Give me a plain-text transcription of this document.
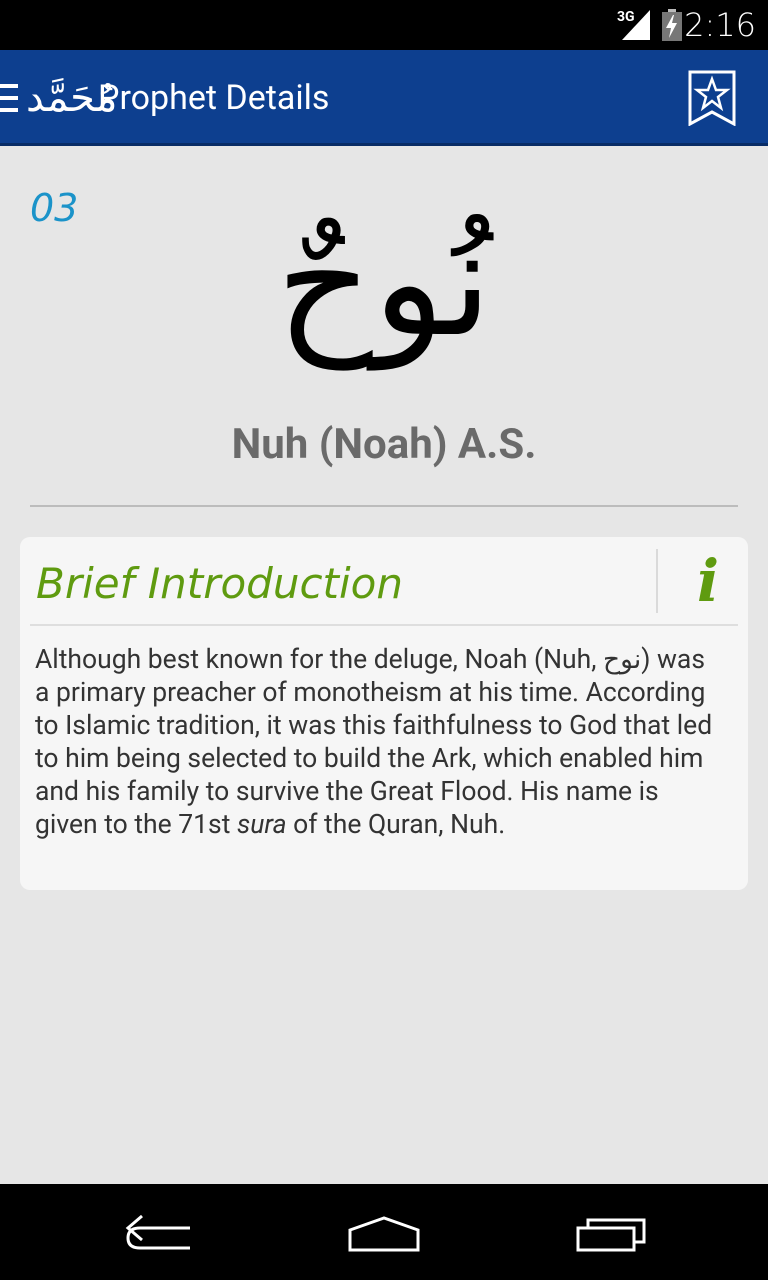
3G 2:16
مُحَمَّد
Prophet Details
03 نُوحٌ
Nuh (Noah) A.S.
Brief Introduction	i
Although best known for the deluge, Noah (Nuh, نوح) was a primary preacher of monotheism at his time. According to Islamic tradition, it was this faithfulness to God that led to him being selected to build the Ark, which enabled him and his family to survive the Great Flood. His name is given to the 71st sura of the Quran, Nuh.
